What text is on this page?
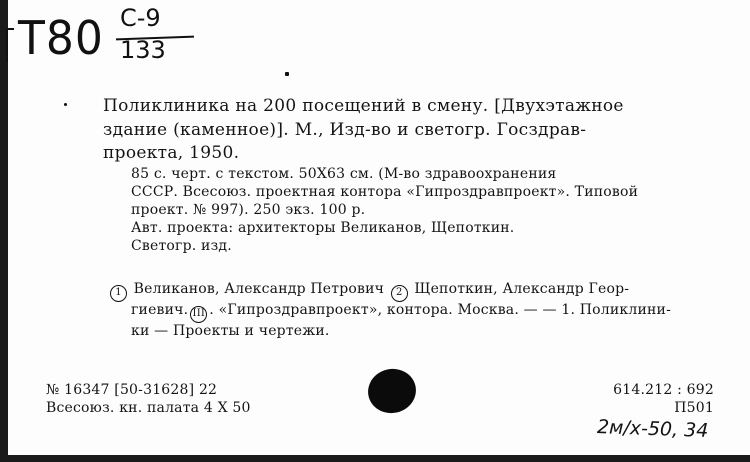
T80 С-9
133
Поликлиника на 200 посещений в смену. [Двухэтажное
здание (каменное)]. М., Изд-во и светогр. Госздрав-
проекта, 1950.
85 с. черт. с текстом. 50Х63 см. (М-во здравоохранения
СССР. Всесоюз. проектная контора «Гипроздравпроект». Типовой
проект. № 997). 250 экз. 100 р.
Авт. проекта: архитекторы Великанов, Щепоткин.
Светогр. изд.
1 Великанов, Александр Петрович 2 Щепоткин, Александр Геор-
гиевич. III . «Гипроздравпроект», контора. Москва. — — 1. Поликлини-
ки — Проекты и чертежи.
№ 16347 [50-31628] 22
Всесоюз. кн. палата 4 X 50
614.212 : 692
П501
2м/х-50, 34
